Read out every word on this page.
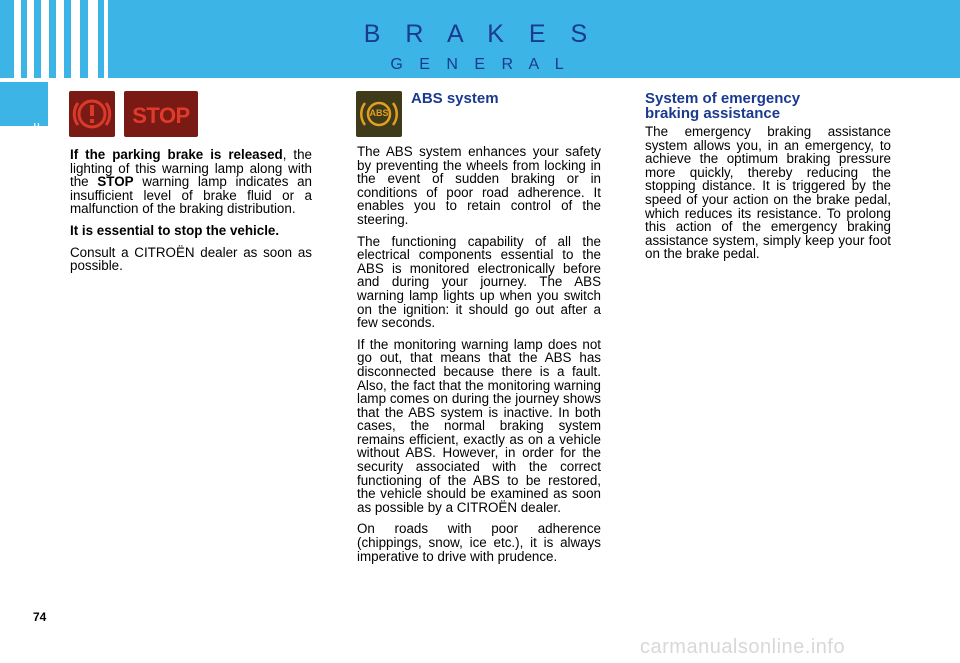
B R A K E S
G E N E R A L
II	STOP

If the parking brake is released, the lighting of this warning lamp along with the STOP warning lamp indicates an insufficient level of brake fluid or a malfunction of the braking distribution.

It is essential to stop the vehicle.

Consult a CITROËN dealer as soon as possible.

ABS
ABS system

The ABS system enhances your safety by preventing the wheels from locking in the event of sudden braking or in conditions of poor road adherence. It enables you to retain control of the steering.

The functioning capability of all the electrical components essential to the ABS is monitored electronically before and during your journey. The ABS warning lamp lights up when you switch on the ignition: it should go out after a few seconds.

If the monitoring warning lamp does not go out, that means that the ABS has disconnected because there is a fault. Also, the fact that the monitoring warning lamp comes on during the journey shows that the ABS system is inactive. In both cases, the normal braking system remains efficient, exactly as on a vehicle without ABS. However, in order for the security associated with the correct functioning of the ABS to be restored, the vehicle should be examined as soon as possible by a CITROËN dealer.

On roads with poor adherence (chippings, snow, ice etc.), it is always imperative to drive with prudence.

System of emergency braking assistance

The emergency braking assistance system allows you, in an emergency, to achieve the optimum braking pressure more quickly, thereby reducing the stopping distance. It is triggered by the speed of your action on the brake pedal, which reduces its resistance. To prolong this action of the emergency braking assistance system, simply keep your foot on the brake pedal.

74
carmanualsonline.info
